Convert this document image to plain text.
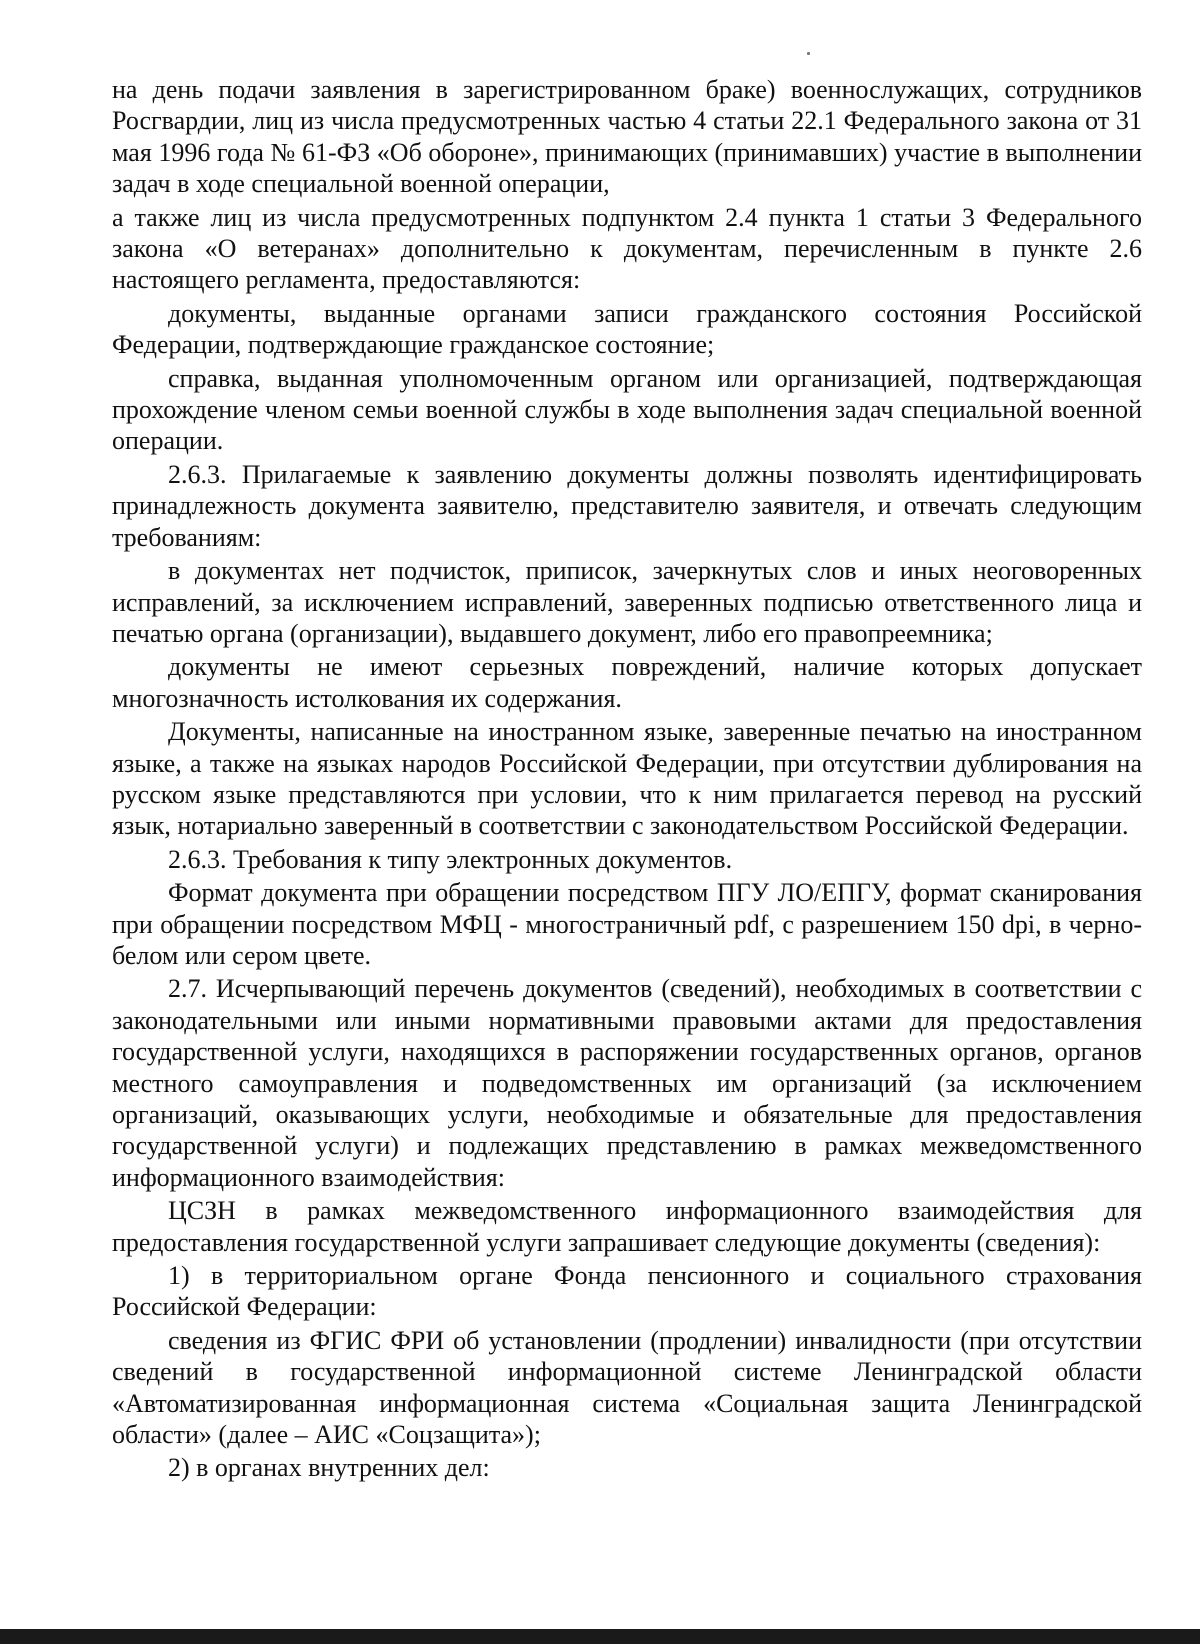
на день подачи заявления в зарегистрированном браке) военнослужащих, сотрудников Росгвардии, лиц из числа предусмотренных частью 4 статьи 22.1 Федерального закона от 31 мая 1996 года № 61-ФЗ «Об обороне», принимающих (принимавших) участие в выполнении задач в ходе специальной военной операции,

а также лиц из числа предусмотренных подпунктом 2.4 пункта 1 статьи 3 Федерального закона «О ветеранах» дополнительно к документам, перечисленным в пункте 2.6 настоящего регламента, предоставляются:

документы, выданные органами записи гражданского состояния Российской Федерации, подтверждающие гражданское состояние;

справка, выданная уполномоченным органом или организацией, подтверждающая прохождение членом семьи военной службы в ходе выполнения задач специальной военной операции.

2.6.3. Прилагаемые к заявлению документы должны позволять идентифицировать принадлежность документа заявителю, представителю заявителя, и отвечать следующим требованиям:

в документах нет подчисток, приписок, зачеркнутых слов и иных неоговоренных исправлений, за исключением исправлений, заверенных подписью ответственного лица и печатью органа (организации), выдавшего документ, либо его правопреемника;

документы не имеют серьезных повреждений, наличие которых допускает многозначность истолкования их содержания.

Документы, написанные на иностранном языке, заверенные печатью на иностранном языке, а также на языках народов Российской Федерации, при отсутствии дублирования на русском языке представляются при условии, что к ним прилагается перевод на русский язык, нотариально заверенный в соответствии с законодательством Российской Федерации.

2.6.3. Требования к типу электронных документов.

Формат документа при обращении посредством ПГУ ЛО/ЕПГУ, формат сканирования при обращении посредством МФЦ - многостраничный pdf, с разрешением 150 dpi, в черно-белом или сером цвете.

2.7. Исчерпывающий перечень документов (сведений), необходимых в соответствии с законодательными или иными нормативными правовыми актами для предоставления государственной услуги, находящихся в распоряжении государственных органов, органов местного самоуправления и подведомственных им организаций (за исключением организаций, оказывающих услуги, необходимые и обязательные для предоставления государственной услуги) и подлежащих представлению в рамках межведомственного информационного взаимодействия:

ЦСЗН в рамках межведомственного информационного взаимодействия для предоставления государственной услуги запрашивает следующие документы (сведения):

1) в территориальном органе Фонда пенсионного и социального страхования Российской Федерации:

сведения из ФГИС ФРИ об установлении (продлении) инвалидности (при отсутствии сведений в государственной информационной системе Ленинградской области «Автоматизированная информационная система «Социальная защита Ленинградской области» (далее – АИС «Соцзащита»);

2) в органах внутренних дел:
